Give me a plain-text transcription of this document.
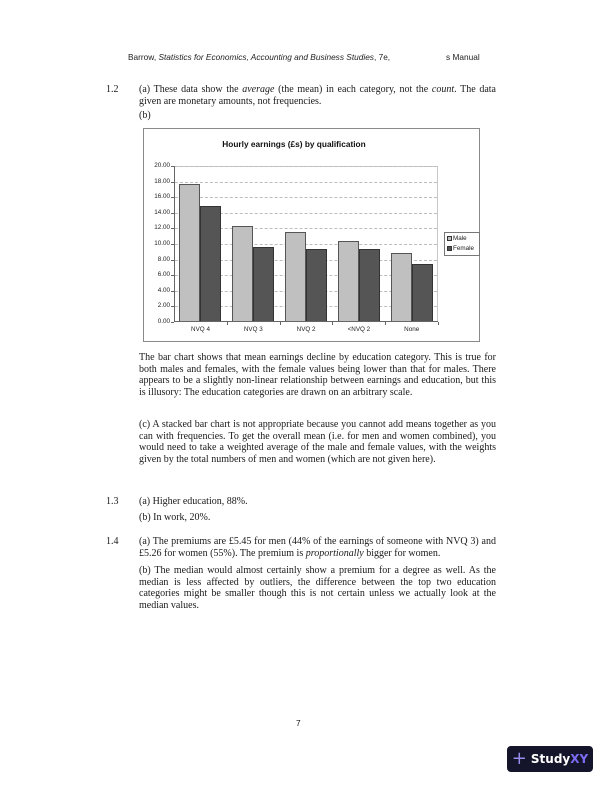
Barrow, Statistics for Economics, Accounting and Business Studies, 7e,	s Manual
1.2 (a) These data show the average (the mean) in each category, not the count. The data given are monetary amounts, not frequencies.
(b)
Hourly earnings (£s) by qualification
0.00
2.00
4.00
6.00
8.00
10.00
12.00
14.00
16.00
18.00
20.00
NVQ 4	NVQ 3	NVQ 2	<NVQ 2	None
Male
Female
The bar chart shows that mean earnings decline by education category. This is true for both males and females, with the female values being lower than that for males. There appears to be a slightly non-linear relationship between earnings and education, but this is illusory: The education categories are drawn on an arbitrary scale.
(c) A stacked bar chart is not appropriate because you cannot add means together as you can with frequencies. To get the overall mean (i.e. for men and women combined), you would need to take a weighted average of the male and female values, with the weights given by the total numbers of men and women (which are not given here).
1.3 (a) Higher education, 88%.
(b) In work, 20%.
1.4 (a) The premiums are £5.45 for men (44% of the earnings of someone with NVQ 3) and £5.26 for women (55%). The premium is proportionally bigger for women.
(b) The median would almost certainly show a premium for a degree as well. As the median is less affected by outliers, the difference between the top two education categories might be smaller though this is not certain unless we actually look at the median values.
7
+ Study XY
